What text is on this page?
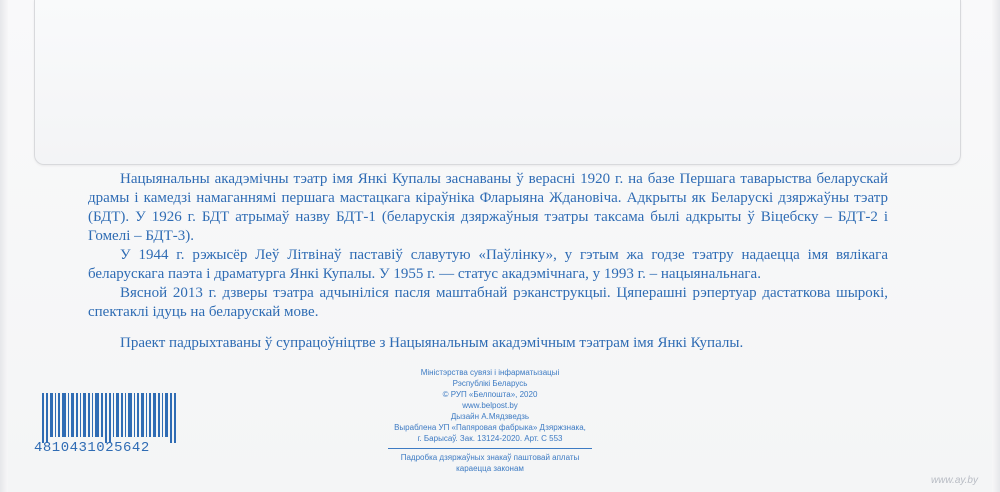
Нацыянальны акадэмічны тэатр імя Янкі Купалы заснаваны ў верасні 1920 г. на базе Першага таварыства беларускай драмы і камедзі намаганнямі першага мастацкага кіраўніка Фларыяна Ждановіча. Адкрыты як Беларускі дзяржаўны тэатр (БДТ). У 1926 г. БДТ атрымаў назву БДТ-1 (беларускія дзяржаўныя тэатры таксама былі адкрыты ў Віцебску – БДТ-2 і Гомелі – БДТ-3).

У 1944 г. рэжысёр Леў Літвінаў паставіў славутую «Паўлінку», у гэтым жа годзе тэатру надаецца імя вялікага беларускага паэта і драматурга Янкі Купалы. У 1955 г. — статус акадэмічнага, у 1993 г. – нацыянальнага.

Вясной 2013 г. дзверы тэатра адчыніліся пасля маштабнай рэканструкцыі. Цяперашні рэпертуар дастаткова шырокі, спектаклі ідуць на беларускай мове.

Праект падрыхтаваны ў супрацоўніцтве з Нацыянальным акадэмічным тэатрам імя Янкі Купалы.

4810431025642
Міністэрства сувязі і інфарматызацыі
Рэспублікі Беларусь
© РУП «Белпошта», 2020
www.belpost.by
Дызайн А.Мядзведзь
Выраблена УП «Папяровая фабрыка» Дзяржзнака,
г. Барысаў. Зак. 13124-2020. Арт. С 553
Падробка дзяржаўных знакаў паштовай аплаты
караецца законам
www.ay.by
